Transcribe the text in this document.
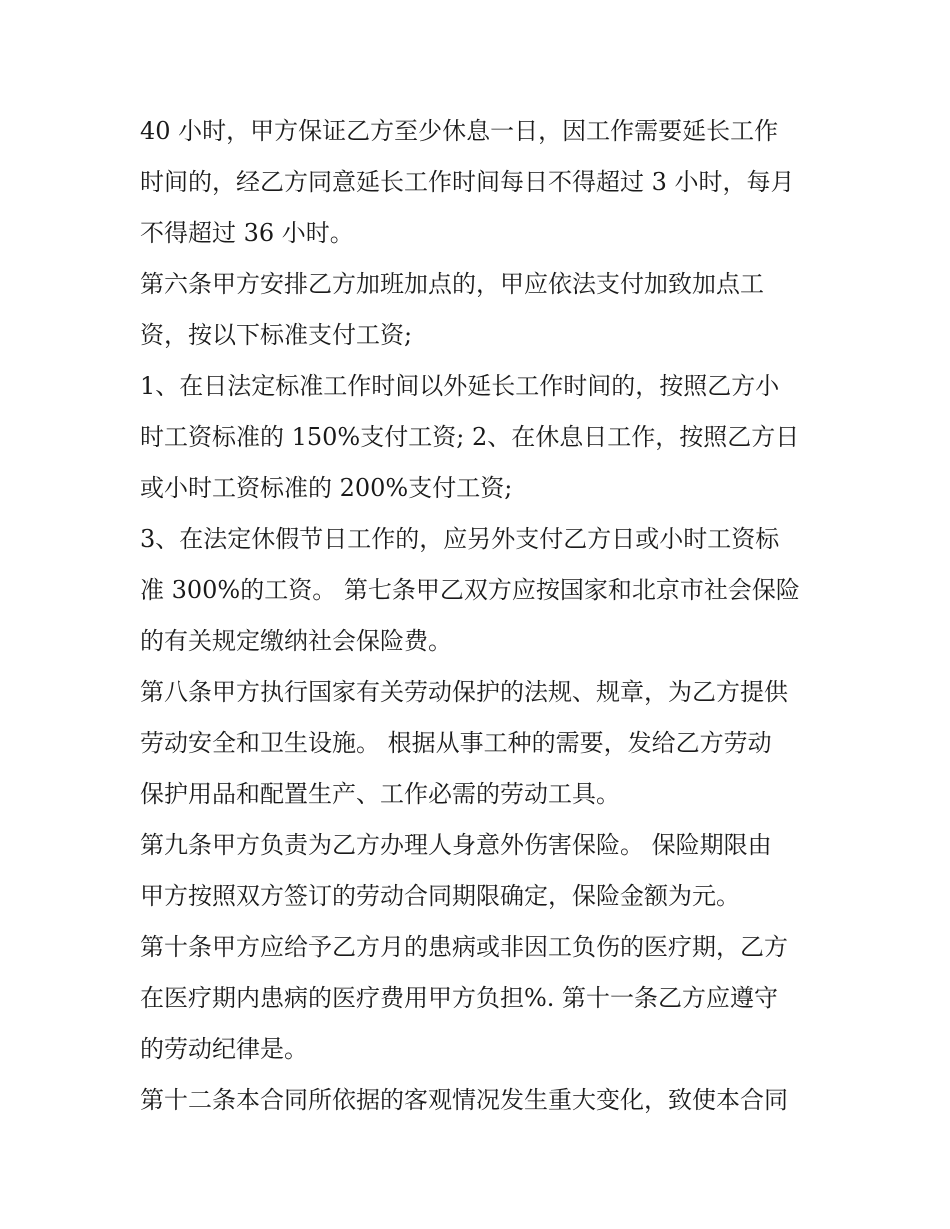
40 小时，甲方保证乙方至少休息一日，因工作需要延长工作

时间的，经乙方同意延长工作时间每日不得超过 3 小时，每月

不得超过 36 小时。

第六条甲方安排乙方加班加点的，甲应依法支付加致加点工

资，按以下标准支付工资;

1、在日法定标准工作时间以外延长工作时间的，按照乙方小

时工资标准的 150%支付工资; 2、在休息日工作，按照乙方日

或小时工资标准的 200%支付工资;

3、在法定休假节日工作的，应另外支付乙方日或小时工资标

准 300%的工资。 第七条甲乙双方应按国家和北京市社会保险

的有关规定缴纳社会保险费。

第八条甲方执行国家有关劳动保护的法规、规章，为乙方提供

劳动安全和卫生设施。 根据从事工种的需要，发给乙方劳动

保护用品和配置生产、工作必需的劳动工具。

第九条甲方负责为乙方办理人身意外伤害保险。 保险期限由

甲方按照双方签订的劳动合同期限确定，保险金额为元。

第十条甲方应给予乙方月的患病或非因工负伤的医疗期，乙方

在医疗期内患病的医疗费用甲方负担%. 第十一条乙方应遵守

的劳动纪律是。

第十二条本合同所依据的客观情况发生重大变化，致使本合同
